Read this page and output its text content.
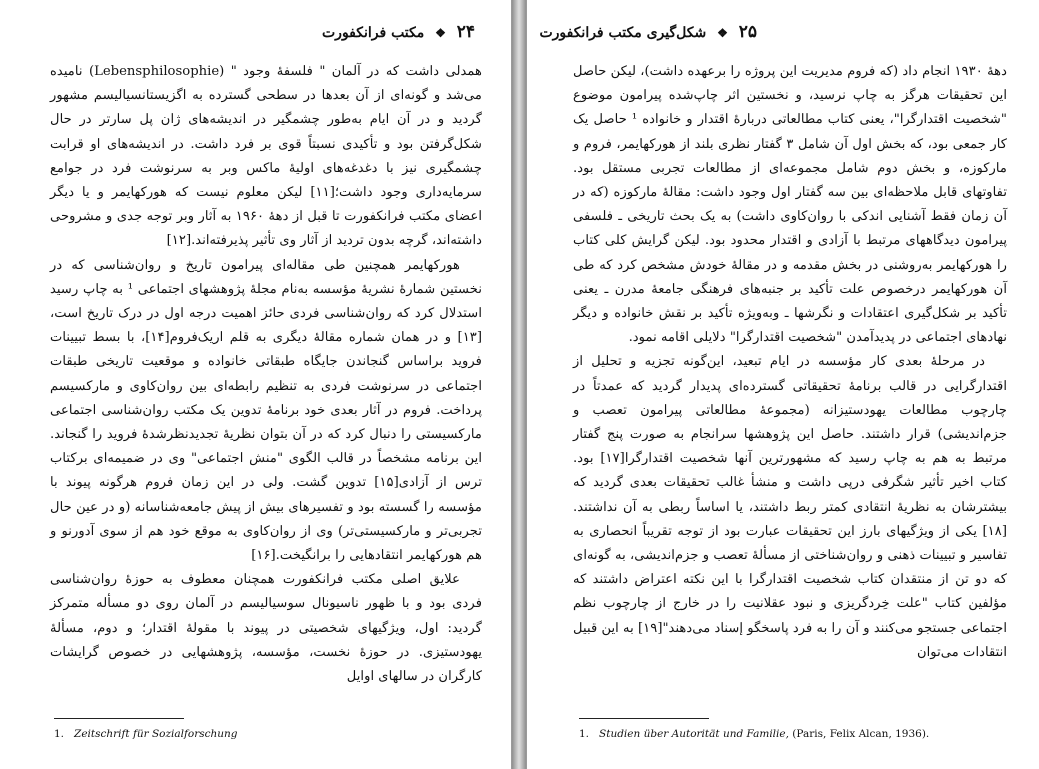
۲۴ ❖ مکتب فرانکفورت

همدلی داشت که در آلمان " فلسفهٔ وجود " (Lebensphilosophie) نامیده می‌شد و گونه‌ای از آن بعدها در سطحی گسترده به اگزیستانسیالیسم مشهور گردید و در آن ایام به‌طور چشمگیر در اندیشه‌های ژان پل سارتر در حال شکل‌گرفتن بود و تأکیدی نسبتاً قوی بر فرد داشت. در اندیشه‌های او قرابت چشمگیری نیز با دغدغه‌های اولیهٔ ماکس وبر به سرنوشت فرد در جوامع سرمایه‌داری وجود داشت؛[۱۱] لیکن معلوم نیست که هورکهایمر و یا دیگر اعضای مکتب فرانکفورت تا قبل از دههٔ ۱۹۶۰ به آثار وبر توجه جدی و مشروحی داشته‌اند، گرچه بدون تردید از آثار وی تأثیر پذیرفته‌اند.[۱۲]

هورکهایمر همچنین طی مقاله‌ای پیرامون تاریخ و روان‌شناسی که در نخستین شمارهٔ نشریهٔ مؤسسه به‌نام مجلهٔ پژوهشهای اجتماعی ¹ به چاپ رسید استدلال کرد که روان‌شناسی فردی حائز اهمیت درجه اول در درک تاریخ است،[۱۳] و در همان شماره مقالهٔ دیگری به قلم اریک‌فروم[۱۴]، با بسط تبیینات فروید براساس گنجاندن جایگاه طبقاتی خانواده و موقعیت تاریخی طبقات اجتماعی در سرنوشت فردی به تنظیم رابطه‌ای بین روان‌کاوی و مارکسیسم پرداخت. فروم در آثار بعدی خود برنامهٔ تدوین یک مکتب روان‌شناسی اجتماعی مارکسیستی را دنبال کرد که در آن بتوان نظریهٔ تجدیدنظرشدهٔ فروید را گنجاند. این برنامه مشخصاً در قالب الگوی "منش اجتماعی" وی در ضمیمه‌ای برکتاب ترس از آزادی[۱۵] تدوین گشت. ولی در این زمان فروم هرگونه پیوند با مؤسسه را گسسته بود و تفسیرهای بیش از پیش جامعه‌شناسانه (و در عین حال تجربی‌تر و مارکسیستی‌تر) وی از روان‌کاوی به موقع خود هم از سوی آدورنو و هم هورکهایمر انتقادهایی را برانگیخت.[۱۶]

علایق اصلی مکتب فرانکفورت همچنان معطوف به حوزهٔ روان‌شناسی فردی بود و با ظهور ناسیونال سوسیالیسم در آلمان روی دو مسأله متمرکز گردید: اول، ویژگیهای شخصیتی در پیوند با مقولهٔ اقتدار؛ و دوم، مسألهٔ یهودستیزی. در حوزهٔ نخست، مؤسسه، پژوهشهایی در خصوص گرایشات کارگران در سالهای اوایل

1. Zeitschrift für Sozialforschung
۲۵ ❖ شکل‌گیری مکتب فرانکفورت

دههٔ ۱۹۳۰ انجام داد (که فروم مدیریت این پروژه را برعهده داشت)، لیکن حاصل این تحقیقات هرگز به چاپ نرسید، و نخستین اثر چاپ‌شده پیرامون موضوع "شخصیت اقتدارگرا"، یعنی کتاب مطالعاتی دربارهٔ اقتدار و خانواده ¹ حاصل یک کار جمعی بود، که بخش اول آن شامل ۳ گفتار نظری بلند از هورکهایمر، فروم و مارکوزه، و بخش دوم شامل مجموعه‌ای از مطالعات تجربی مستقل بود. تفاوتهای قابل ملاحظه‌ای بین سه گفتار اول وجود داشت: مقالهٔ مارکوزه (که در آن زمان فقط آشنایی اندکی با روان‌کاوی داشت) به یک بحث تاریخی ـ فلسفی پیرامون دیدگاههای مرتبط با آزادی و اقتدار محدود بود. لیکن گرایش کلی کتاب را هورکهایمر به‌روشنی در بخش مقدمه و در مقالهٔ خودش مشخص کرد که طی آن هورکهایمر درخصوص علت تأکید بر جنبه‌های فرهنگی جامعهٔ مدرن ـ یعنی تأکید بر شکل‌گیری اعتقادات و نگرشها ـ وبه‌ویژه تأکید بر نقش خانواده و دیگر نهادهای اجتماعی در پدیدآمدن "شخصیت اقتدارگرا" دلایلی اقامه نمود.

در مرحلهٔ بعدی کار مؤسسه در ایام تبعید، این‌گونه تجزیه و تحلیل از اقتدارگرایی در قالب برنامهٔ تحقیقاتی گسترده‌ای پدیدار گردید که عمدتاً در چارچوب مطالعات یهودستیزانه (مجموعهٔ مطالعاتی پیرامون تعصب و جزم‌اندیشی) قرار داشتند. حاصل این پژوهشها سرانجام به صورت پنج گفتار مرتبط به هم به چاپ رسید که مشهورترین آنها شخصیت اقتدارگرا[۱۷] بود. کتاب اخیر تأثیر شگرفی درپی داشت و منشأ غالب تحقیقات بعدی گردید که بیشترشان به نظریهٔ انتقادی کمتر ربط داشتند، یا اساساً ربطی به آن نداشتند.[۱۸] یکی از ویژگیهای بارز این تحقیقات عبارت بود از توجه تقریباً انحصاری به تفاسیر و تبیینات ذهنی و روان‌شناختی از مسألهٔ تعصب و جزم‌اندیشی، به گونه‌ای که دو تن از منتقدان کتاب شخصیت اقتدارگرا با این نکته اعتراض داشتند که مؤلفین کتاب "علت خِردگریزی و نبود عقلانیت را در خارج از چارچوب نظم اجتماعی جستجو می‌کنند و آن را به فرد پاسخگو إسناد می‌دهند"[۱۹] به این قبیل انتقادات می‌توان

1. Studien über Autorität und Familie, (Paris, Felix Alcan, 1936).
